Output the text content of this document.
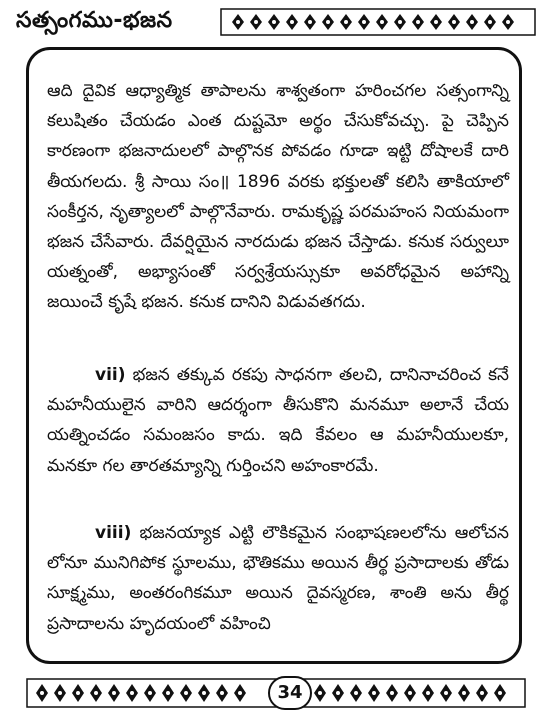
సత్సంగము-భజన
ఆది దైవిక ఆధ్యాత్మిక తాపాలను శాశ్వతంగా హరించగల సత్సంగాన్ని కలుషితం చేయడం ఎంత దుష్టమో అర్థం చేసుకోవచ్చు. పై చెప్పిన కారణంగా భజనాదులలో పాల్గొనక పోవడం గూడా ఇట్టి దోషాలకే దారి తీయగలదు. శ్రీ సాయి సం॥ 1896 వరకు భక్తులతో కలిసి తాకియాలో సంకీర్తన, నృత్యాలలో పాల్గొనేవారు. రామకృష్ణ పరమహంస నియమంగా భజన చేసేవారు. దేవర్షియైన నారదుడు భజన చేస్తాడు. కనుక సర్వులూ యత్నంతో, అభ్యాసంతో సర్వశ్రేయస్సుకూ అవరోధమైన అహాన్ని జయించే కృషే భజన. కనుక దానిని విడువతగదు.
vii) భజన తక్కువ రకపు సాధనగా తలచి, దానినాచరించ కనే మహనీయులైన వారిని ఆదర్శంగా తీసుకొని మనమూ అలానే చేయ యత్నించడం సమంజసం కాదు. ఇది కేవలం ఆ మహనీయులకూ, మనకూ గల తారతమ్యాన్ని గుర్తించని అహంకారమే.
viii) భజనయ్యాక ఎట్టి లౌకికమైన సంభాషణలలోను ఆలోచన లోనూ మునిగిపోక స్థూలము, భౌతికము అయిన తీర్థ ప్రసాదాలకు తోడు సూక్ష్మము, అంతరంగికమూ అయిన దైవస్మరణ, శాంతి అను తీర్థ ప్రసాదాలను హృదయంలో వహించి
34
